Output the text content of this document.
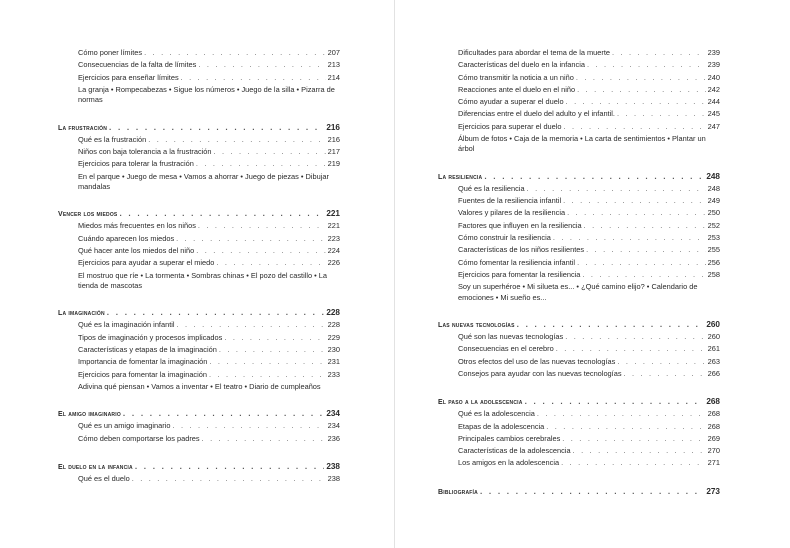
Cómo poner límites . . .	207
Consecuencias de la falta de límites . . .	213
Ejercicios para enseñar límites . . .	214
La granja • Rompecabezas • Sigue los números • Juego de la silla • Pizarra de normas
La frustración . . .	216
Qué es la frustración . . .	216
Niños con baja tolerancia a la frustración . . .	217
Ejercicios para tolerar la frustración . . .	219
En el parque • Juego de mesa • Vamos a ahorrar • Juego de piezas • Dibujar mandalas
Vencer los miedos . . .	221
Miedos más frecuentes en los niños . . .	221
Cuándo aparecen los miedos . . .	223
Qué hacer ante los miedos del niño . . .	224
Ejercicios para ayudar a superar el miedo . . .	226
El mostruo que ríe • La tormenta • Sombras chinas • El pozo del castillo • La tienda de mascotas
La imaginación . . .	228
Qué es la imaginación infantil . . .	228
Tipos de imaginación y procesos implicados . . .	229
Características y etapas de la imaginación . . .	230
Importancia de fomentar la imaginación . . .	231
Ejercicios para fomentar la imaginación . . .	233
Adivina qué piensan • Vamos a inventar • El teatro • Diario de cumpleaños
El amigo imaginario . . .	234
Qué es un amigo imaginario . . .	234
Cómo deben comportarse los padres . . .	236
El duelo en la infancia . . .	238
Qué es el duelo . . .	238
Dificultades para abordar el tema de la muerte . . .	239
Características del duelo en la infancia . . .	239
Cómo transmitir la noticia a un niño . . .	240
Reacciones ante el duelo en el niño . . .	242
Cómo ayudar a superar el duelo . . .	244
Diferencias entre el duelo del adulto y el infantil. . . .	245
Ejercicios para superar el duelo . . .	247
Álbum de fotos • Caja de la memoria • La carta de sentimientos • Plantar un árbol
La resiliencia . . .	248
Qué es la resiliencia . . .	248
Fuentes de la resiliencia infantil . . .	249
Valores y pilares de la resiliencia . . .	250
Factores que influyen en la resiliencia . . .	252
Cómo construir la resiliencia . . .	253
Características de los niños resilientes . . .	255
Cómo fomentar la resiliencia infantil . . .	256
Ejercicios para fomentar la resiliencia . . .	258
Soy un superhéroe • Mi silueta es... • ¿Qué camino elijo? • Calendario de emociones • Mi sueño es...
Las nuevas tecnologías . . .	260
Qué son las nuevas tecnologías . . .	260
Consecuencias en el cerebro . . .	261
Otros efectos del uso de las nuevas tecnologías . . .	263
Consejos para ayudar con las nuevas tecnologías . . .	266
El paso a la adolescencia . . .	268
Qué es la adolescencia . . .	268
Etapas de la adolescencia . . .	268
Principales cambios cerebrales . . .	269
Características de la adolescencia . . .	270
Los amigos en la adolescencia . . .	271
Bibliografía . . .	273
